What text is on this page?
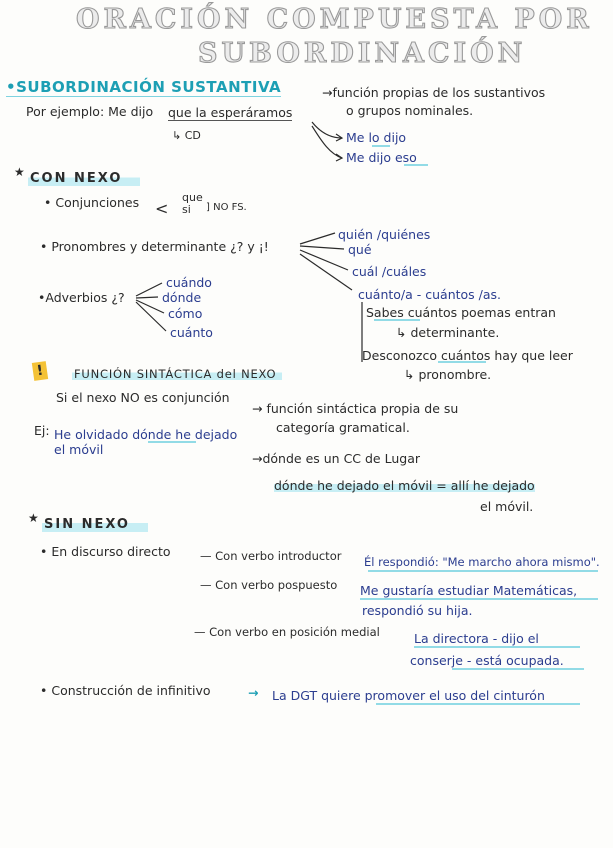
ORACIÓN COMPUESTA POR
SUBORDINACIÓN
•SUBORDINACIÓN SUSTANTIVA	→función propias de los sustantivos
o grupos nominales.
Por ejemplo: Me dijo que la esperáramos
↳ CD	Me lo dijo
Me dijo eso
★ CON NEXO
• Conjunciones <
que
si	] NO FS.
• Pronombres y determinante ¿? y ¡!
quién /quiénes
qué
cuál /cuáles
cuánto/a - cuántos /as.
•Adverbios ¿?
cuándo
dónde
cómo
cuánto
Sabes cuántos poemas entran
↳ determinante.
Desconozco cuántos hay que leer
↳ pronombre.
!	FUNCIÓN SINTÁCTICA del NEXO
Si el nexo NO es conjunción
→ función sintáctica propia de su
categoría gramatical.
Ej: He olvidado dónde he dejado
el móvil
→dónde es un CC de Lugar
dónde he dejado el móvil = allí he dejado
el móvil.
★ SIN NEXO
• En discurso directo	— Con verbo introductor Él respondió: "Me marcho ahora mismo".
— Con verbo pospuesto Me gustaría estudiar Matemáticas,
respondió su hija.
— Con verbo en posición medial	La directora - dijo el
conserje - está ocupada.
• Construcción de infinitivo	→ La DGT quiere promover el uso del cinturón
